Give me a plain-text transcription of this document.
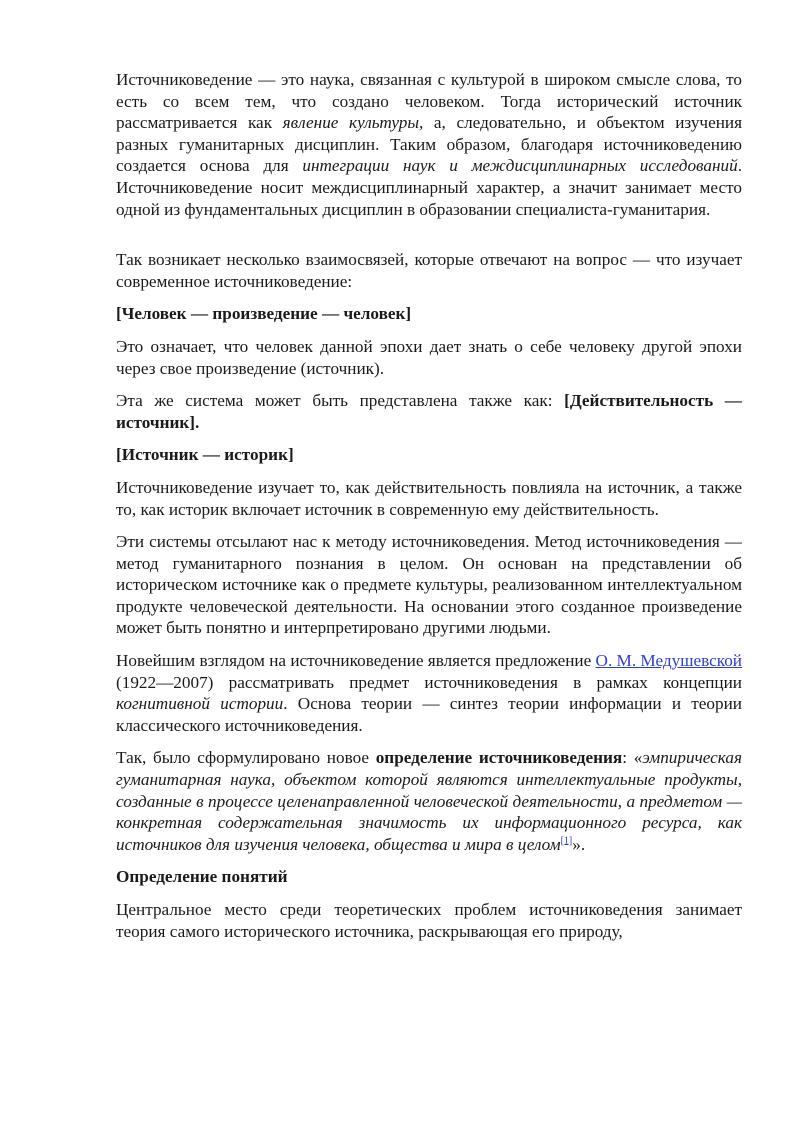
Источниковедение — это наука, связанная с культурой в широком смысле слова, то есть со всем тем, что создано человеком. Тогда исторический источник рассматривается как явление культуры, а, следовательно, и объектом изучения разных гуманитарных дисциплин. Таким образом, благодаря источниковедению создается основа для интеграции наук и междисциплинарных исследований. Источниковедение носит междисциплинарный характер, а значит занимает место одной из фундаментальных дисциплин в образовании специалиста-гуманитария.

Так возникает несколько взаимосвязей, которые отвечают на вопрос — что изучает современное источниковедение:

[Человек — произведение — человек]

Это означает, что человек данной эпохи дает знать о себе человеку другой эпохи через свое произведение (источник).

Эта же система может быть представлена также как: [Действительность — источник].

[Источник — историк]

Источниковедение изучает то, как действительность повлияла на источник, а также то, как историк включает источник в современную ему действительность.

Эти системы отсылают нас к методу источниковедения. Метод источниковедения — метод гуманитарного познания в целом. Он основан на представлении об историческом источнике как о предмете культуры, реализованном интеллектуальном продукте человеческой деятельности. На основании этого созданное произведение может быть понятно и интерпретировано другими людьми.

Новейшим взглядом на источниковедение является предложение О. М. Медушевской (1922—2007) рассматривать предмет источниковедения в рамках концепции когнитивной истории. Основа теории — синтез теории информации и теории классического источниковедения.

Так, было сформулировано новое определение источниковедения: «эмпирическая гуманитарная наука, объектом которой являются интеллектуальные продукты, созданные в процессе целенаправленной человеческой деятельности, а предметом — конкретная содержательная значимость их информационного ресурса, как источников для изучения человека, общества и мира в целом[1]».

Определение понятий

Центральное место среди теоретических проблем источниковедения занимает теория самого исторического источника, раскрывающая его природу,
